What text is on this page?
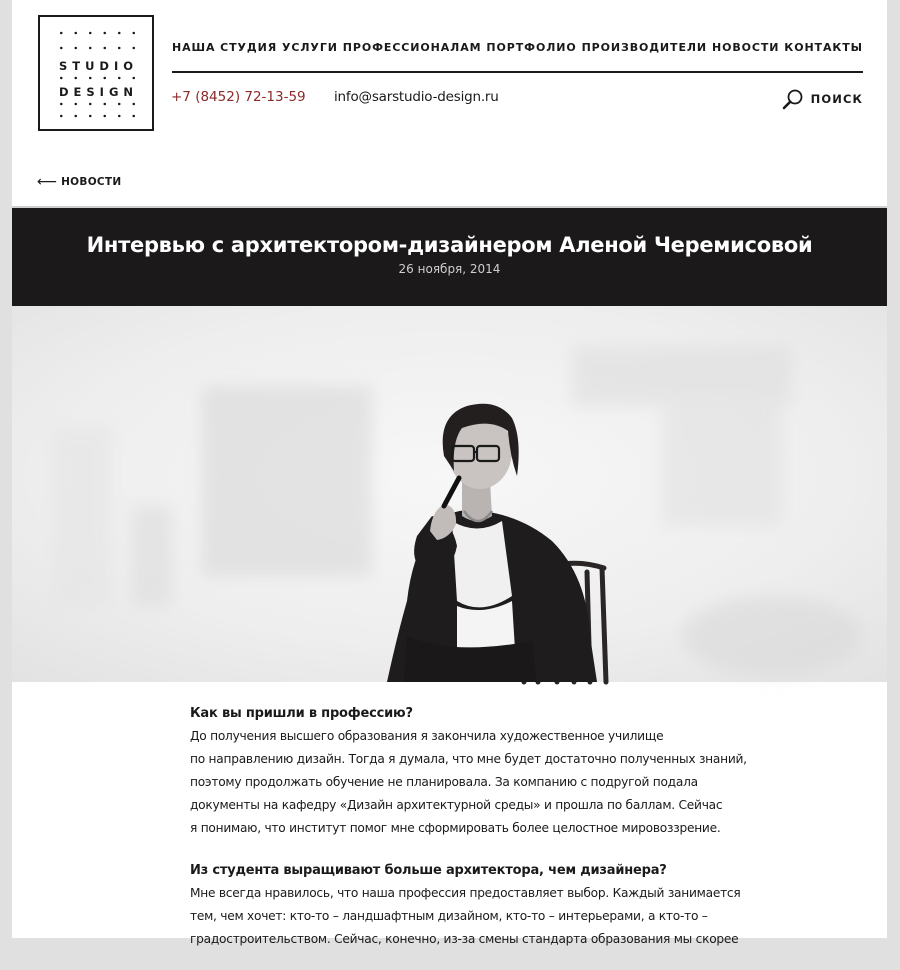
STUDIO
DESIGN
НАША СТУДИЯ УСЛУГИ ПРОФЕССИОНАЛАМ ПОРТФОЛИО ПРОИЗВОДИТЕЛИ НОВОСТИ КОНТАКТЫ
+7 (8452) 72-13-59 info@sarstudio-design.ru	ПОИСК
⟵ НОВОСТИ
Интервью с архитектором-дизайнером Аленой Черемисовой
26 ноября, 2014
Как вы пришли в профессию?
До получения высшего образования я закончила художественное училище
по направлению дизайн. Тогда я думала, что мне будет достаточно полученных знаний,
поэтому продолжать обучение не планировала. За компанию с подругой подала
документы на кафедру «Дизайн архитектурной среды» и прошла по баллам. Сейчас
я понимаю, что институт помог мне сформировать более целостное мировоззрение.
Из студента выращивают больше архитектора, чем дизайнера?
Мне всегда нравилось, что наша профессия предоставляет выбор. Каждый занимается
тем, чем хочет: кто-то – ландшафтным дизайном, кто-то – интерьерами, а кто-то –
градостроительством. Сейчас, конечно, из-за смены стандарта образования мы скорее
